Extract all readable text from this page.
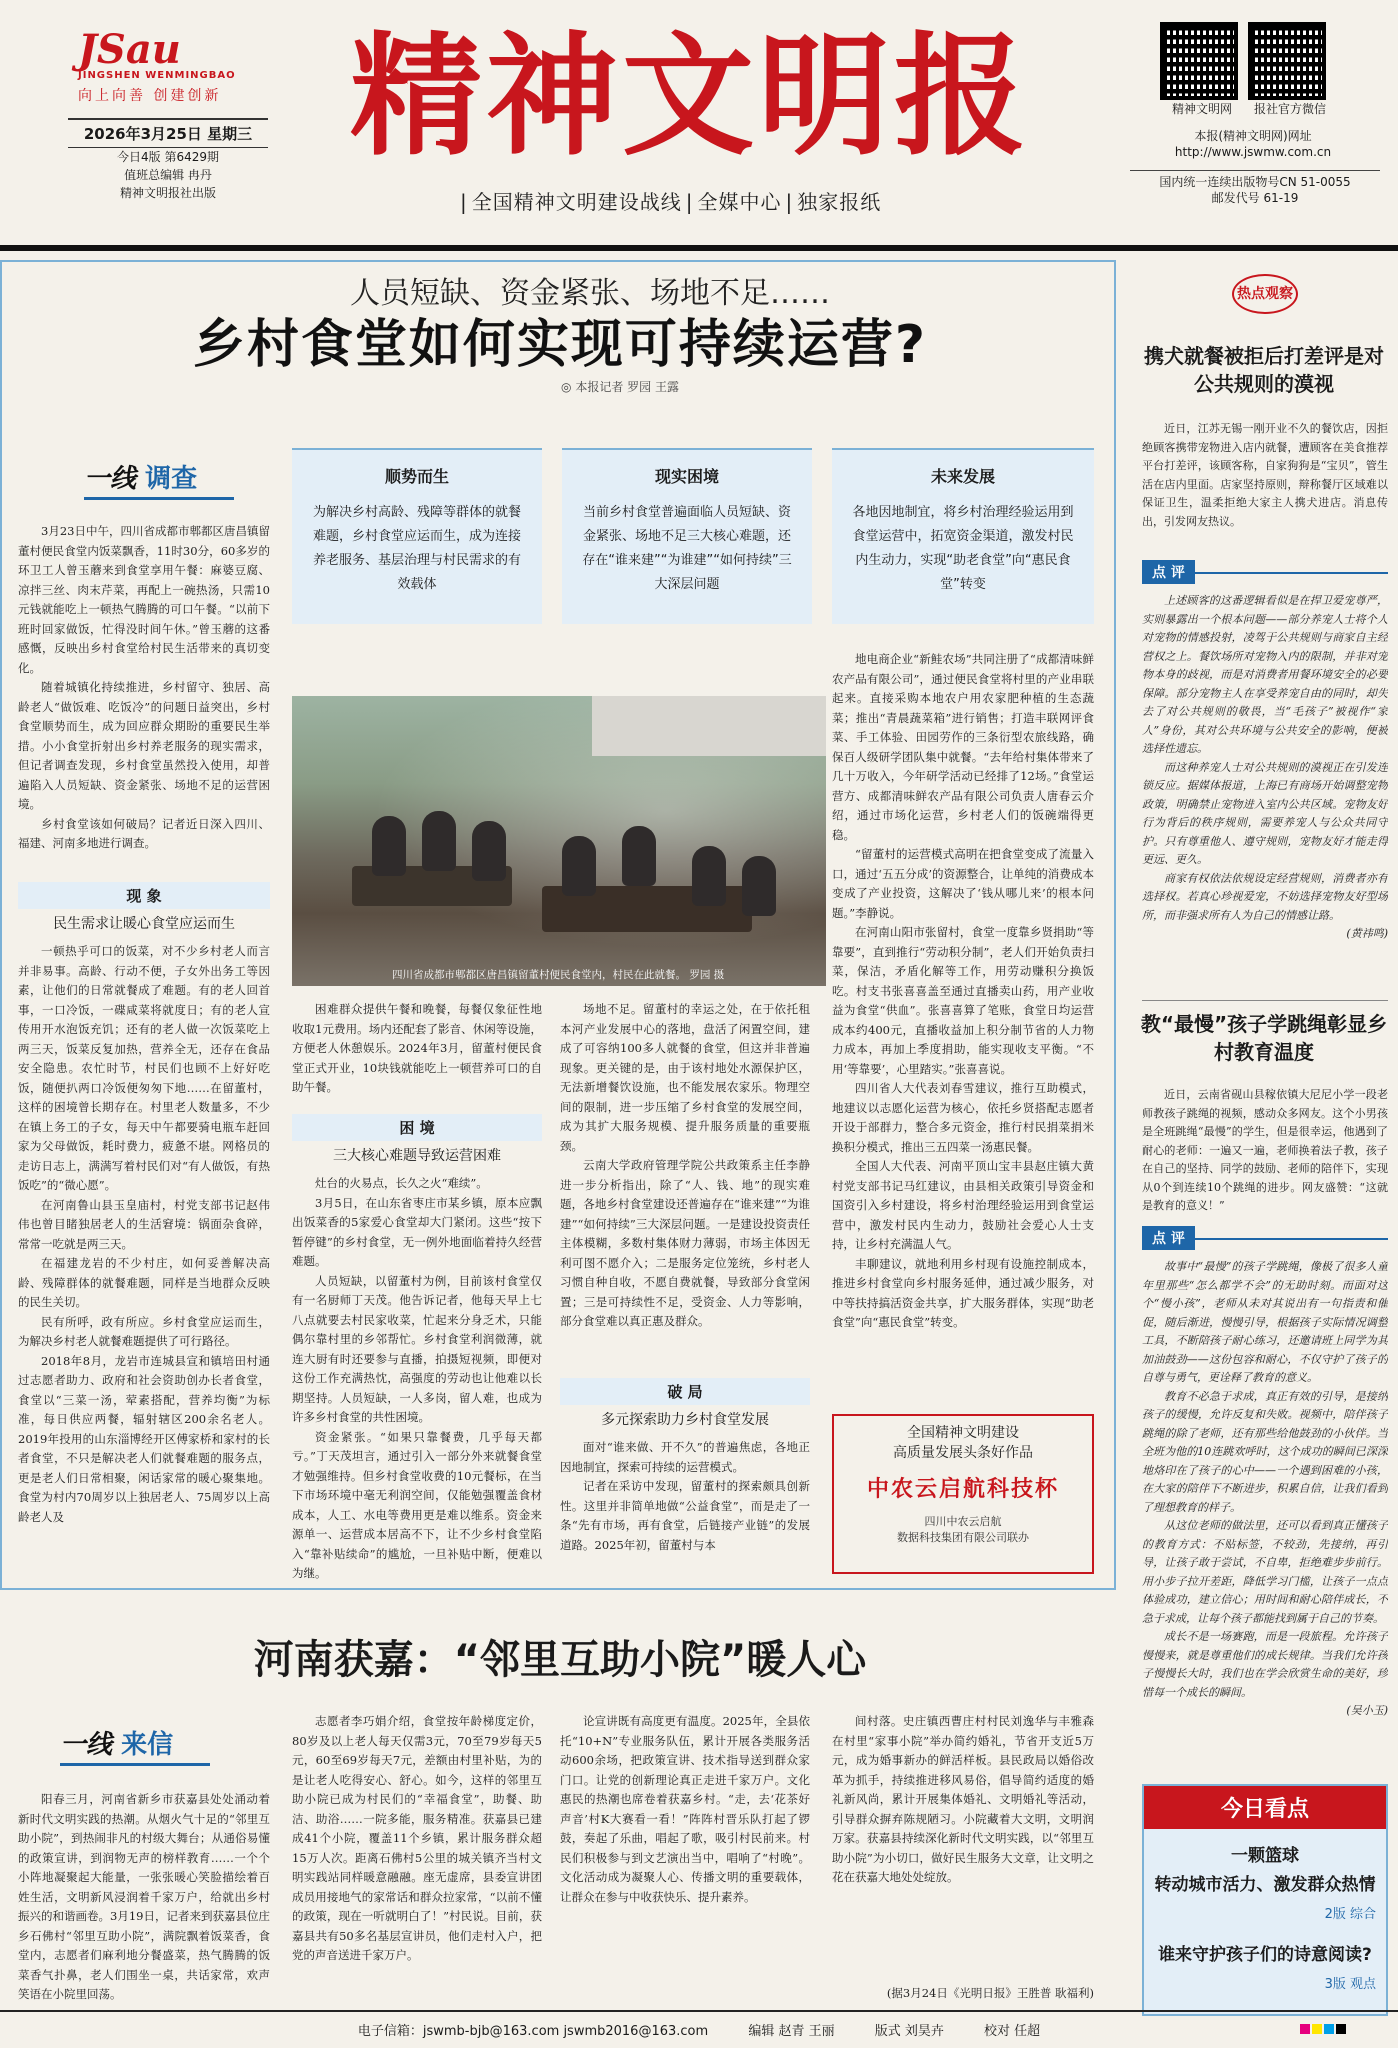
JSau
JINGSHEN WENMINGBAO
向上向善 创建创新
2026年3月25日 星期三
今日4版 第6429期
值班总编辑 冉丹
精神文明报社出版
精神文明报
| 全国精神文明建设战线 | 全媒中心 | 独家报纸
精神文明网 报社官方微信
本报(精神文明网)网址
http://www.jswmw.com.cn
国内统一连续出版物号CN 51-0055
邮发代号 61-19
人员短缺、资金紧张、场地不足……
乡村食堂如何实现可持续运营?
◎ 本报记者 罗园 王露
一线 调查	顺势而生

为解决乡村高龄、残障等群体的就餐难题，乡村食堂应运而生，成为连接养老服务、基层治理与村民需求的有效载体

现实困境

当前乡村食堂普遍面临人员短缺、资金紧张、场地不足三大核心难题，还存在“谁来建”“为谁建”“如何持续”三大深层问题

未来发展

各地因地制宜，将乡村治理经验运用到食堂运营中，拓宽资金渠道，激发村民内生动力，实现“助老食堂”向“惠民食堂”转变

3月23日中午，四川省成都市郫都区唐昌镇留董村便民食堂内饭菜飘香，11时30分，60多岁的环卫工人曾玉蘑来到食堂享用午餐：麻婆豆腐、凉拌三丝、肉末芹菜，再配上一碗热汤，只需10元钱就能吃上一顿热气腾腾的可口午餐。“以前下班时回家做饭，忙得没时间午休。”曾玉蘑的这番感慨，反映出乡村食堂给村民生活带来的真切变化。

随着城镇化持续推进，乡村留守、独居、高龄老人“做饭难、吃饭冷”的问题日益突出，乡村食堂顺势而生，成为回应群众期盼的重要民生举措。小小食堂折射出乡村养老服务的现实需求，但记者调查发现，乡村食堂虽然投入使用，却普遍陷入人员短缺、资金紧张、场地不足的运营困境。

乡村食堂该如何破局？记者近日深入四川、福建、河南多地进行调查。

现 象
民生需求让暖心食堂应运而生

一顿热乎可口的饭菜，对不少乡村老人而言并非易事。高龄、行动不便，子女外出务工等因素，让他们的日常就餐成了难题。有的老人回首事，一口冷饭，一碟咸菜将就度日；有的老人宣传用开水泡饭充饥；还有的老人做一次饭菜吃上两三天，饭菜反复加热，营养全无，还存在食品安全隐患。农忙时节，村民们也顾不上好好吃饭，随便扒两口冷饭便匆匆下地……在留董村，这样的困境曾长期存在。村里老人数量多，不少在镇上务工的子女，每天中午都要骑电瓶车赶回家为父母做饭，耗时费力，疲惫不堪。网格员的走访日志上，满满写着村民们对“有人做饭，有热饭吃”的“微心愿”。

在河南鲁山县玉皇庙村，村党支部书记赵伟伟也曾目睹独居老人的生活窘境：锅面杂食碎，常常一吃就是两三天。

在福建龙岩的不少村庄，如何妥善解决高龄、残障群体的就餐难题，同样是当地群众反映的民生关切。

民有所呼，政有所应。乡村食堂应运而生，为解决乡村老人就餐难题提供了可行路径。

2018年8月，龙岩市连城县宣和镇培田村通过志愿者助力、政府和社会资助创办长者食堂，食堂以“三菜一汤，荤素搭配，营养均衡”为标准，每日供应两餐，辐射辖区200余名老人。2019年投用的山东淄博经开区傅家桥和家村的长者食堂，不只是解决老人们就餐难题的服务点，更是老人们日常相聚，闲话家常的暖心聚集地。食堂为村内70周岁以上独居老人、75周岁以上高龄老人及

四川省成都市郫都区唐昌镇留董村便民食堂内，村民在此就餐。 罗园 摄

困难群众提供午餐和晚餐，每餐仅象征性地收取1元费用。场内还配套了影音、休闲等设施，方便老人休憩娱乐。2024年3月，留董村便民食堂正式开业，10块钱就能吃上一顿营养可口的自助午餐。

困 境
三大核心难题导致运营困难

灶台的火易点，长久之火“难续”。

3月5日，在山东省枣庄市某乡镇，原本应飘出饭菜香的5家爱心食堂却大门紧闭。这些“按下暂停键”的乡村食堂，无一例外地面临着持久经营难题。

人员短缺，以留董村为例，目前该村食堂仅有一名厨师丁天茂。他告诉记者，他每天早上七八点就要去村民家收菜，忙起来分身乏术，只能偶尔靠村里的乡邻帮忙。乡村食堂利润微薄，就连大厨有时还要参与直播，拍摄短视频，即便对这份工作充满热忱，高强度的劳动也让他难以长期坚持。人员短缺，一人多岗，留人难，也成为许多乡村食堂的共性困境。

资金紧张。“如果只靠餐费，几乎每天都亏。”丁天茂坦言，通过引入一部分外来就餐食堂才勉强维持。但乡村食堂收费的10元餐标，在当下市场环境中毫无利润空间，仅能勉强覆盖食材成本，人工、水电等费用更是难以维系。资金来源单一、运营成本居高不下，让不少乡村食堂陷入“靠补贴续命”的尴尬，一旦补贴中断，便难以为继。

场地不足。留董村的幸运之处，在于依托租本河产业发展中心的落地，盘活了闲置空间，建成了可容纳100多人就餐的食堂，但这并非普遍现象。更关键的是，由于该村地处水源保护区，无法新增餐饮设施，也不能发展农家乐。物理空间的限制，进一步压缩了乡村食堂的发展空间，成为其扩大服务规模、提升服务质量的重要瓶颈。

云南大学政府管理学院公共政策系主任李静进一步分析指出，除了“人、钱、地”的现实难题，各地乡村食堂建设还普遍存在“谁来建”“为谁建”“如何持续”三大深层问题。一是建设投资责任主体模糊，多数村集体财力薄弱，市场主体因无利可图不愿介入；二是服务定位笼统，乡村老人习惯自种自收，不愿自费就餐，导致部分食堂闲置；三是可持续性不足，受资金、人力等影响，部分食堂难以真正惠及群众。

破 局
多元探索助力乡村食堂发展

面对“谁来做、开不久”的普遍焦虑，各地正因地制宜，探索可持续的运营模式。

记者在采访中发现，留董村的探索颇具创新性。这里并非简单地做“公益食堂”，而是走了一条“先有市场，再有食堂，后链接产业链”的发展道路。2025年初，留董村与本

地电商企业“新鲑农场”共同注册了“成都清味鲜农产品有限公司”，通过便民食堂将村里的产业串联起来。直接采购本地农户用农家肥种植的生态蔬菜；推出“青晨蔬菜箱”进行销售；打造丰联网评食菜、手工体验、田园劳作的三条衍型农旅线路，确保百人级研学团队集中就餐。“去年给村集体带来了几十万收入，今年研学活动已经排了12场。”食堂运营方、成都清味鲜农产品有限公司负责人唐春云介绍，通过市场化运营，乡村老人们的饭碗端得更稳。

“留董村的运营模式高明在把食堂变成了流量入口，通过‘五五分成’的资源整合，让单纯的消费成本变成了产业投资，这解决了‘钱从哪儿来’的根本问题。”李静说。

在河南山阳市张留村，食堂一度靠乡贤捐助“等靠要”，直到推行“劳动积分制”，老人们开始负责扫菜，保洁，矛盾化解等工作，用劳动赚积分换饭吃。村支书张喜喜盖至通过直播卖山药，用产业收益为食堂“供血”。张喜喜算了笔账，食堂日均运营成本约400元，直播收益加上积分制节省的人力物力成本，再加上季度捐助，能实现收支平衡。“不用‘等靠要’，心里踏实。”张喜喜说。

四川省人大代表刘春雪建议，推行互助模式，地建议以志愿化运营为核心，依托乡贤搭配志愿者开设于部群力，整合多元资金，推行村民捐菜捐米换积分模式，推出三五四菜一汤惠民餐。

全国人大代表、河南平顶山宝丰县赵庄镇大黄村党支部书记马红建议，由县相关政策引导资金和国资引入乡村建设，将乡村治理经验运用到食堂运营中，激发村民内生动力，鼓励社会爱心人士支持，让乡村充满温人气。

丰聊建议，就地利用乡村现有设施控制成本，推进乡村食堂向乡村服务延伸，通过减少服务，对中等扶持搞活资金共享，扩大服务群体，实现“助老食堂”向“惠民食堂”转变。

全国精神文明建设
高质量发展头条好作品
中农云启航科技杯
四川中农云启航
数据科技集团有限公司联办
热点观察
携犬就餐被拒后打差评是对公共规则的漠视

近日，江苏无锡一刚开业不久的餐饮店，因拒绝顾客携带宠物进入店内就餐，遭顾客在美食推荐平台打差评，该顾客称，自家狗狗是“宝贝”，管生活在店内里面。店家坚持原则，辩称餐厅区域难以保证卫生，温柔拒绝大家主人携犬进店。消息传出，引发网友热议。

点 评

上述顾客的这番逻辑看似是在捍卫爱宠尊严，实则暴露出一个根本问题——部分养宠人士将个人对宠物的情感投射，凌驾于公共规则与商家自主经营权之上。餐饮场所对宠物入内的限制，并非对宠物本身的歧视，而是对消费者用餐环境安全的必要保障。部分宠物主人在享受养宠自由的同时，却失去了对公共规则的敬畏，当“毛孩子”被视作“家人”身份，其对公共环境与公共安全的影响，便被选择性遗忘。

而这种养宠人士对公共规则的漠视正在引发连锁反应。据媒体报道，上海已有商场开始调整宠物政策，明确禁止宠物进入室内公共区域。宠物友好行为背后的秩序规则，需要养宠人与公众共同守护。只有尊重他人、遵守规则，宠物友好才能走得更远、更久。

商家有权依法依规设定经营规则，消费者亦有选择权。若真心珍视爱宠，不妨选择宠物友好型场所，而非强求所有人为自己的情感让路。

(黄祎鸣)

教“最慢”孩子学跳绳彰显乡村教育温度

近日，云南省砚山县稼依镇大尼尼小学一段老师教孩子跳绳的视频，感动众多网友。这个小男孩是全班跳绳“最慢”的学生，但是很幸运，他遇到了耐心的老师：一遍又一遍，老师换着法子教，孩子在自己的坚持、同学的鼓励、老师的陪伴下，实现从0个到连续10个跳绳的进步。网友盛赞：“这就是教育的意义！”

点 评

故事中“最慢”的孩子学跳绳，像极了很多人童年里那些“怎么都学不会”的无助时刻。而面对这个“慢小孩”，老师从未对其说出有一句指责和催促，随后渐进，慢慢引导，根据孩子实际情况调整工具，不断陪孩子耐心练习，还邀请班上同学为其加油鼓劲——这份包容和耐心，不仅守护了孩子的自尊与勇气，更诠释了教育的意义。

教育不必急于求成，真正有效的引导，是接纳孩子的缓慢，允许反复和失败。视频中，陪伴孩子跳绳的除了老师，还有那些给他鼓劲的小伙伴。当全班为他的10连跳欢呼时，这个成功的瞬间已深深地烙印在了孩子的心中——一个遇到困难的小孩，在大家的陪伴下不断进步，积累自信，让我们看到了理想教育的样子。

从这位老师的做法里，还可以看到真正懂孩子的教育方式：不贴标签，不较劲，先接纳，再引导，让孩子敢于尝试，不自卑，拒绝难步步前行。用小步子拉开差距，降低学习门槛，让孩子一点点体验成功，建立信心；用时间和耐心陪伴成长，不急于求成，让每个孩子都能找到属于自己的节奏。

成长不是一场赛跑，而是一段旅程。允许孩子慢慢来，就是尊重他们的成长规律。当我们允许孩子慢慢长大时，我们也在学会欣赏生命的美好，珍惜每一个成长的瞬间。

(吴小玉)

今日看点
一颗篮球
转动城市活力、激发群众热情
2版 综合
谁来守护孩子们的诗意阅读?
3版 观点
河南获嘉：“邻里互助小院”暖人心
一线 来信

阳春三月，河南省新乡市获嘉县处处涌动着新时代文明实践的热潮。从烟火气十足的“邻里互助小院”，到热闹非凡的村级大舞台；从通俗易懂的政策宣讲，到润物无声的榜样教育……一个个小阵地凝聚起大能量，一张张暖心笑脸描绘着百姓生活，文明新风浸润着千家万户，给就出乡村振兴的和谐画卷。3月19日，记者来到获嘉县位庄乡石佛村“邻里互助小院”，满院飘着饭菜香，食堂内，志愿者们麻利地分餐盛菜，热气腾腾的饭菜香气扑鼻，老人们围坐一桌，共话家常，欢声笑语在小院里回荡。

志愿者李巧娟介绍，食堂按年龄梯度定价，80岁及以上老人每天仅需3元，70至79岁每天5元，60至69岁每天7元，差额由村里补贴，为的是让老人吃得安心、舒心。如今，这样的邻里互助小院已成为村民们的“幸福食堂”，助餐、助洁、助浴……一院多能，服务精准。获嘉县已建成41个小院，覆盖11个乡镇，累计服务群众超15万人次。距离石佛村5公里的城关镇齐当村文明实践站同样暖意融融。座无虚席，县委宣讲团成员用接地气的家常话和群众拉家常，“以前不懂的政策，现在一听就明白了！”村民说。目前，获嘉县共有50多名基层宣讲员，他们走村入户，把党的声音送进千家万户。

论宣讲既有高度更有温度。2025年，全县依托“10+N”专业服务队伍，累计开展各类服务活动600余场，把政策宣讲、技术指导送到群众家门口。让党的创新理论真正走进千家万户。文化惠民的热潮也席卷着获嘉乡村。“走，去‘花茶好声音’村K大赛看一看！”阵阵村晋乐队打起了锣鼓，奏起了乐曲，唱起了歌，吸引村民前来。村民们积极参与到文艺演出当中，唱响了“村晚”。文化活动成为凝聚人心、传播文明的重要载体，让群众在参与中收获快乐、提升素养。

间村落。史庄镇西曹庄村村民刘逸华与丰雅森在村里“家事小院”举办简约婚礼，节省开支近5万元，成为婚事新办的鲜活样板。县民政局以婚俗改革为抓手，持续推进移风易俗，倡导简约适度的婚礼新风尚，累计开展集体婚礼、文明婚礼等活动，引导群众摒弃陈规陋习。小院藏着大文明，文明润万家。获嘉县持续深化新时代文明实践，以“邻里互助小院”为小切口，做好民生服务大文章，让文明之花在获嘉大地处处绽放。

(据3月24日《光明日报》王胜普 耿福利)
电子信箱：jswmb-bjb@163.com jswmb2016@163.com	编辑 赵青 王丽	版式 刘昊卉	校对 任超
